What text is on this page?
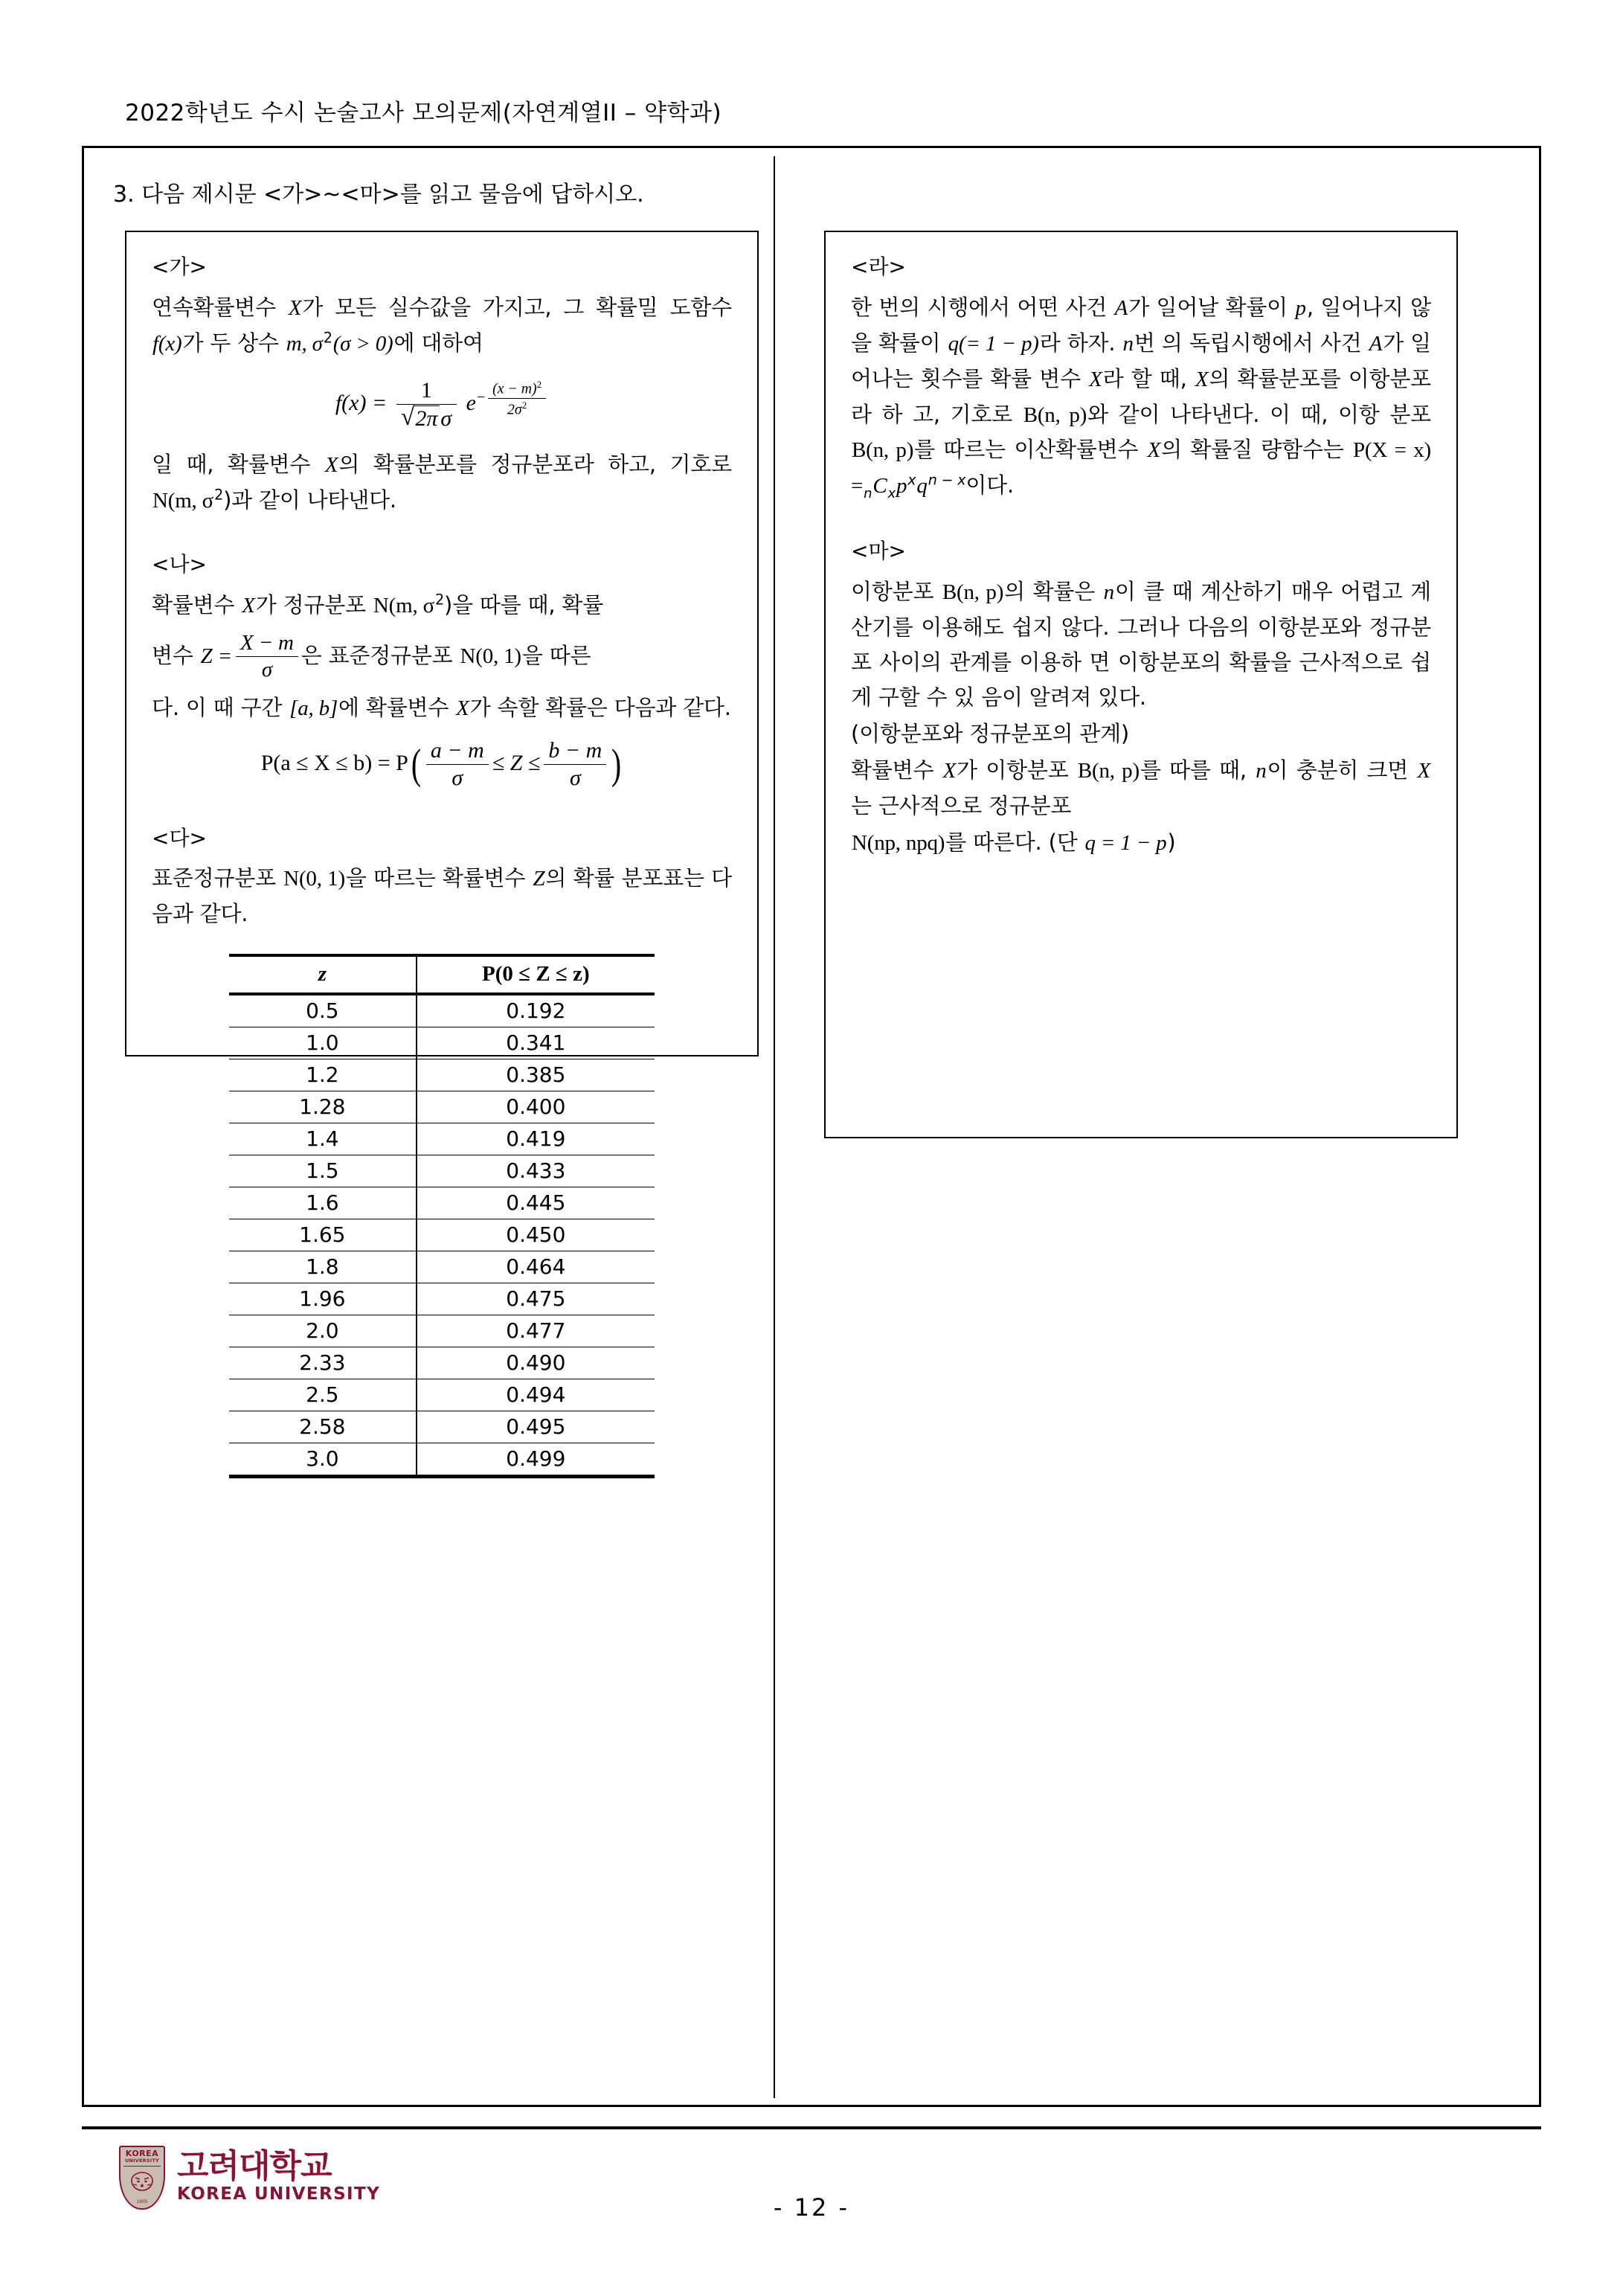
2022학년도 수시 논술고사 모의문제(자연계열II – 약학과)
3. 다음 제시문 <가>~<마>를 읽고 물음에 답하시오.
<가>

연속확률변수 X가 모든 실수값을 가지고, 그 확률밀 도함수 f(x)가 두 상수 m, $\sigma^2(\sigma > 0)$에 대하여

f(x) = 1
√ 2π σ $e^{- \frac{(x - m)^2}{2\sigma^2}}$

일 때, 확률변수 X의 확률분포를 정규분포라 하고, 기호로 N(m, $\sigma^2$)과 같이 나타낸다.

<나>

확률변수 X가 정규분포 N(m, $\sigma^2$)을 따를 때, 확률

변수 $Z = \frac{X - m}{\sigma}$ 은 표준정규분포 N(0, 1)을 따른

다. 이 때 구간 [a, b]에 확률변수 X가 속할 확률은 다음과 같다.

$P(a \le X \le b) = P( \frac{a - m}{\sigma} \le Z \le \frac{b - m}{\sigma}$ )
<다>

표준정규분포 N(0, 1)을 따르는 확률변수 Z의 확률 분포표는 다음과 같다.

z	P(0 ≤ Z ≤ z)
0.5	0.192
1.0	0.341
1.2	0.385
1.28	0.400
1.4	0.419
1.5	0.433
1.6	0.445
1.65	0.450
1.8	0.464
1.96	0.475
2.0	0.477
2.33	0.490
2.5	0.494
2.58	0.495
3.0	0.499
<라>

한 번의 시행에서 어떤 사건 A가 일어날 확률이 p, 일어나지 않을 확률이 q(= 1 − p)라 하자. n번 의 독립시행에서 사건 A가 일어나는 횟수를 확률 변수 X라 할 때, X의 확률분포를 이항분포라 하 고, 기호로 B(n, p)와 같이 나타낸다. 이 때, 이항 분포 B(n, p)를 따르는 이산확률변수 X의 확률질 량함수는 $P(X = x) =_nC_xp^xq^{n - x}$이다.

<마>

이항분포 B(n, p)의 확률은 n이 클 때 계산하기 매우 어렵고 계산기를 이용해도 쉽지 않다. 그러나 다음의 이항분포와 정규분포 사이의 관계를 이용하 면 이항분포의 확률을 근사적으로 쉽게 구할 수 있 음이 알려져 있다.

(이항분포와 정규분포의 관계)

확률변수 X가 이항분포 B(n, p)를 따를 때, n이 충분히 크면 X는 근사적으로 정규분포

N(np, npq)를 따른다. (단 q = 1 − p)

KOREA
UNIVERSITY
1905
고려대학교
KOREA UNIVERSITY	- 12 -
